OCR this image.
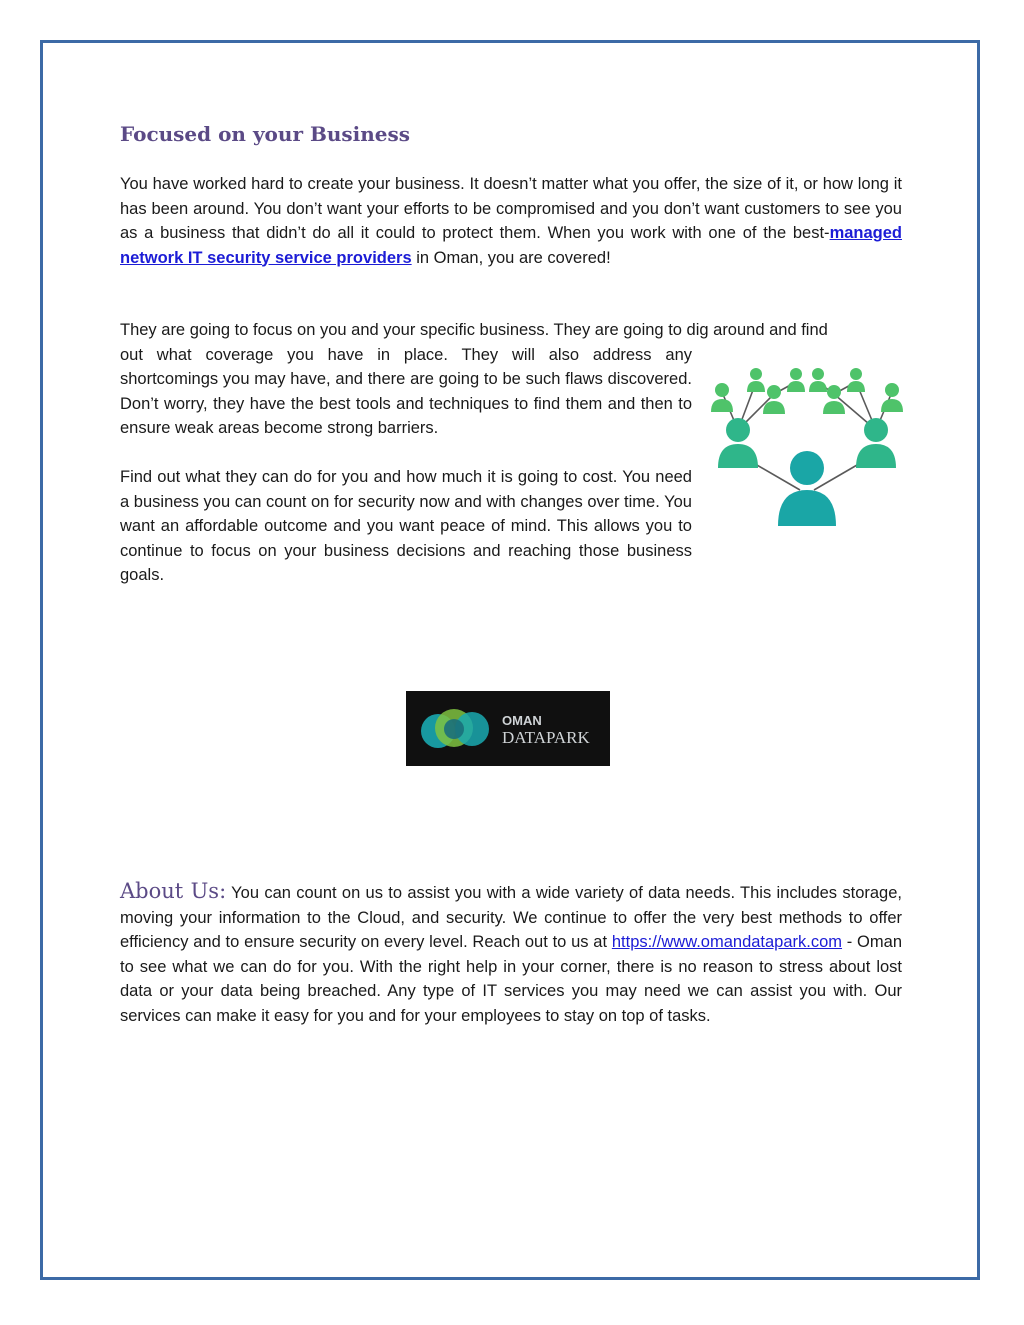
Focused on your Business

You have worked hard to create your business. It doesn’t matter what you offer, the size of it, or how long it has been around. You don’t want your efforts to be compromised and you don’t want customers to see you as a business that didn’t do all it could to protect them. When you work with one of the best-managed network IT security service providers in Oman, you are covered!

They are going to focus on you and your specific business. They are going to dig around and find
out what coverage you have in place. They will also address any shortcomings you may have, and there are going to be such flaws discovered. Don’t worry, they have the best tools and techniques to find them and then to ensure weak areas become strong barriers.

Find out what they can do for you and how much it is going to cost. You need a business you can count on for security now and with changes over time. You want an affordable outcome and you want peace of mind. This allows you to continue to focus on your business decisions and reaching those business goals.

OMAN
DATAPARK

About Us: You can count on us to assist you with a wide variety of data needs. This includes storage, moving your information to the Cloud, and security. We continue to offer the very best methods to offer efficiency and to ensure security on every level. Reach out to us at https://www.omandatapark.com - Oman to see what we can do for you. With the right help in your corner, there is no reason to stress about lost data or your data being breached. Any type of IT services you may need we can assist you with. Our services can make it easy for you and for your employees to stay on top of tasks.
